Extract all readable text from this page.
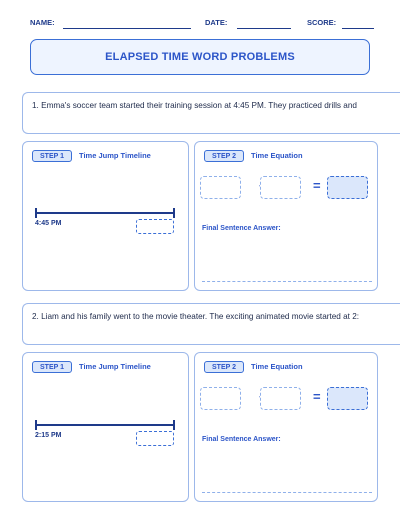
NAME:	DATE:	SCORE:
ELAPSED TIME WORD PROBLEMS
1. Emma's soccer team started their training session at 4:45 PM. They practiced drills and
STEP 1	Time Jump Timeline
4:45 PM
STEP 2	Time Equation
=
Final Sentence Answer:
2. Liam and his family went to the movie theater. The exciting animated movie started at 2:
STEP 1	Time Jump Timeline
2:15 PM
STEP 2	Time Equation
=
Final Sentence Answer:
